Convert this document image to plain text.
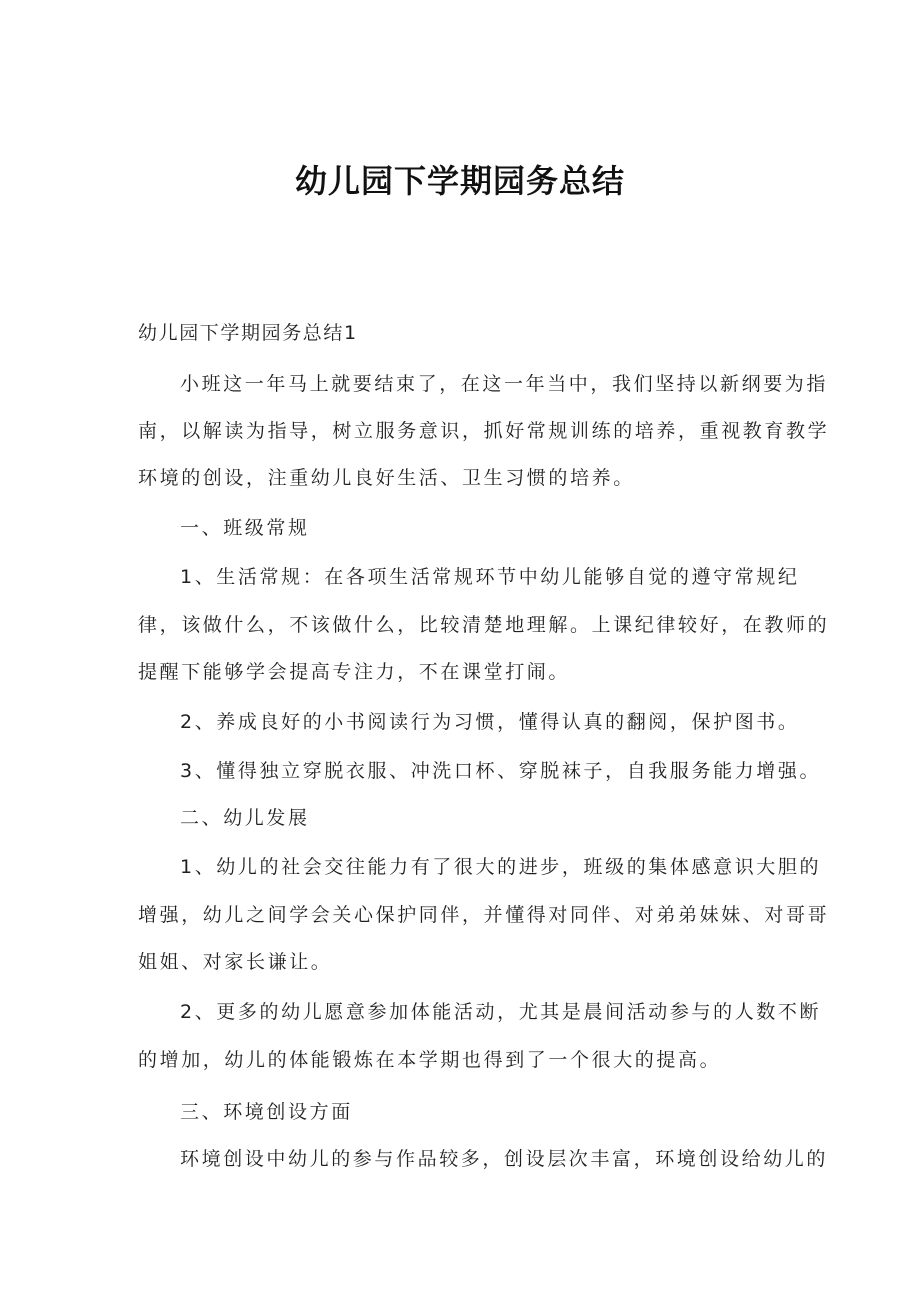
幼儿园下学期园务总结
幼儿园下学期园务总结1
小班这一年马上就要结束了，在这一年当中，我们坚持以新纲要为指
南，以解读为指导，树立服务意识，抓好常规训练的培养，重视教育教学
环境的创设，注重幼儿良好生活、卫生习惯的培养。
一、班级常规
1、生活常规：在各项生活常规环节中幼儿能够自觉的遵守常规纪
律，该做什么，不该做什么，比较清楚地理解。上课纪律较好，在教师的
提醒下能够学会提高专注力，不在课堂打闹。
2、养成良好的小书阅读行为习惯，懂得认真的翻阅，保护图书。
3、懂得独立穿脱衣服、冲洗口杯、穿脱袜子，自我服务能力增强。
二、幼儿发展
1、幼儿的社会交往能力有了很大的进步，班级的集体感意识大胆的
增强，幼儿之间学会关心保护同伴，并懂得对同伴、对弟弟妹妹、对哥哥
姐姐、对家长谦让。
2、更多的幼儿愿意参加体能活动，尤其是晨间活动参与的人数不断
的增加，幼儿的体能锻炼在本学期也得到了一个很大的提高。
三、环境创设方面
环境创设中幼儿的参与作品较多，创设层次丰富，环境创设给幼儿的
